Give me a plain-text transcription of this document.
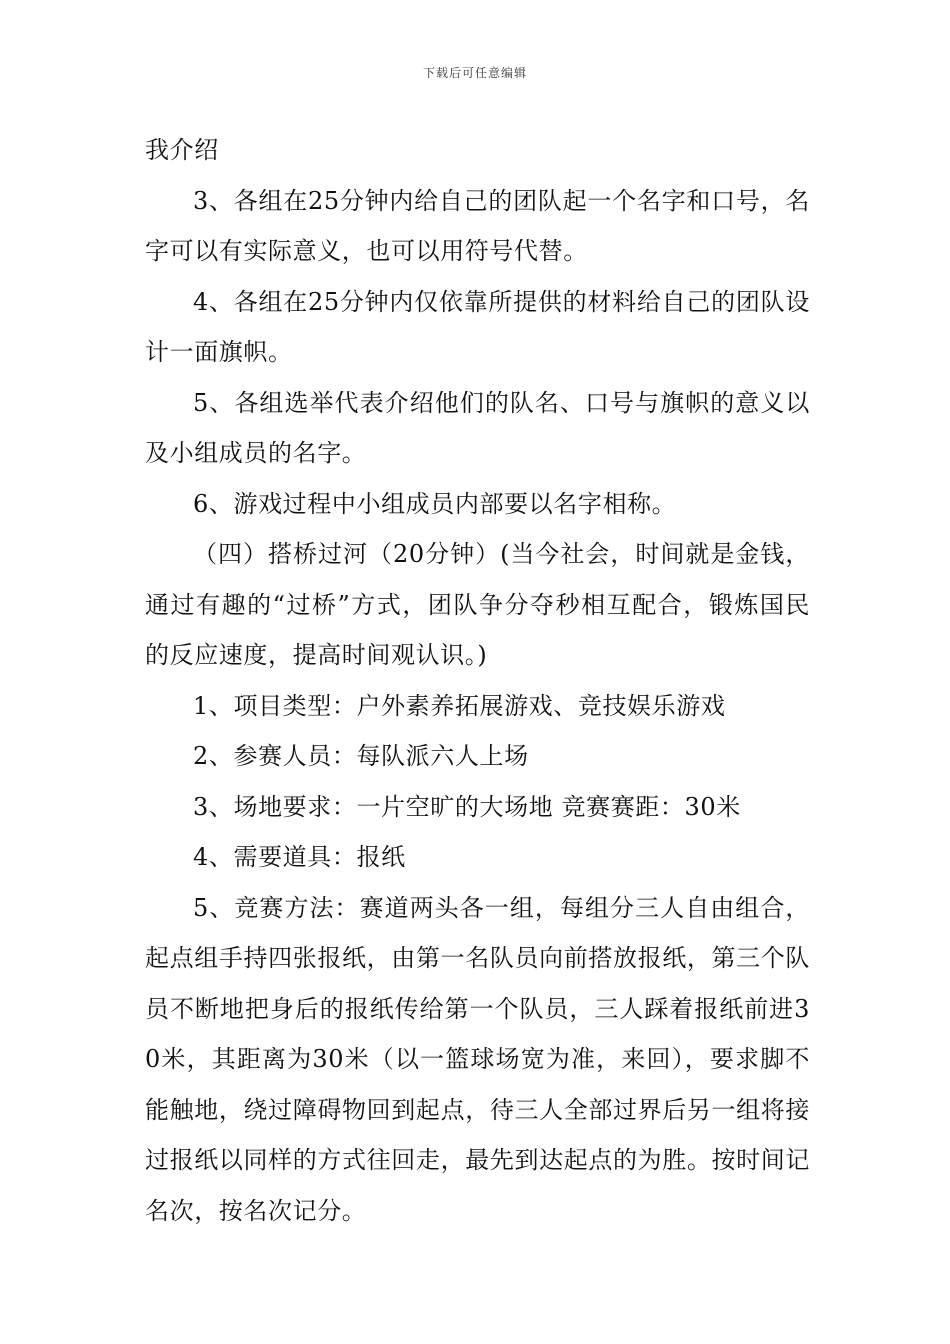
下载后可任意编辑

我介绍

3、各组在25分钟内给自己的团队起一个名字和口号，名字可以有实际意义，也可以用符号代替。

4、各组在25分钟内仅依靠所提供的材料给自己的团队设计一面旗帜。

5、各组选举代表介绍他们的队名、口号与旗帜的意义以及小组成员的名字。

6、游戏过程中小组成员内部要以名字相称。

（四）搭桥过河（20分钟）(当今社会，时间就是金钱，通过有趣的“过桥”方式，团队争分夺秒相互配合，锻炼国民的反应速度，提高时间观认识。)

1、项目类型：户外素养拓展游戏、竞技娱乐游戏

2、参赛人员：每队派六人上场

3、场地要求：一片空旷的大场地 竞赛赛距：30米

4、需要道具：报纸

5、竞赛方法：赛道两头各一组，每组分三人自由组合，起点组手持四张报纸，由第一名队员向前搭放报纸，第三个队员不断地把身后的报纸传给第一个队员，三人踩着报纸前进30米，其距离为30米（以一篮球场宽为准，来回），要求脚不能触地，绕过障碍物回到起点，待三人全部过界后另一组将接过报纸以同样的方式往回走，最先到达起点的为胜。按时间记名次，按名次记分。
